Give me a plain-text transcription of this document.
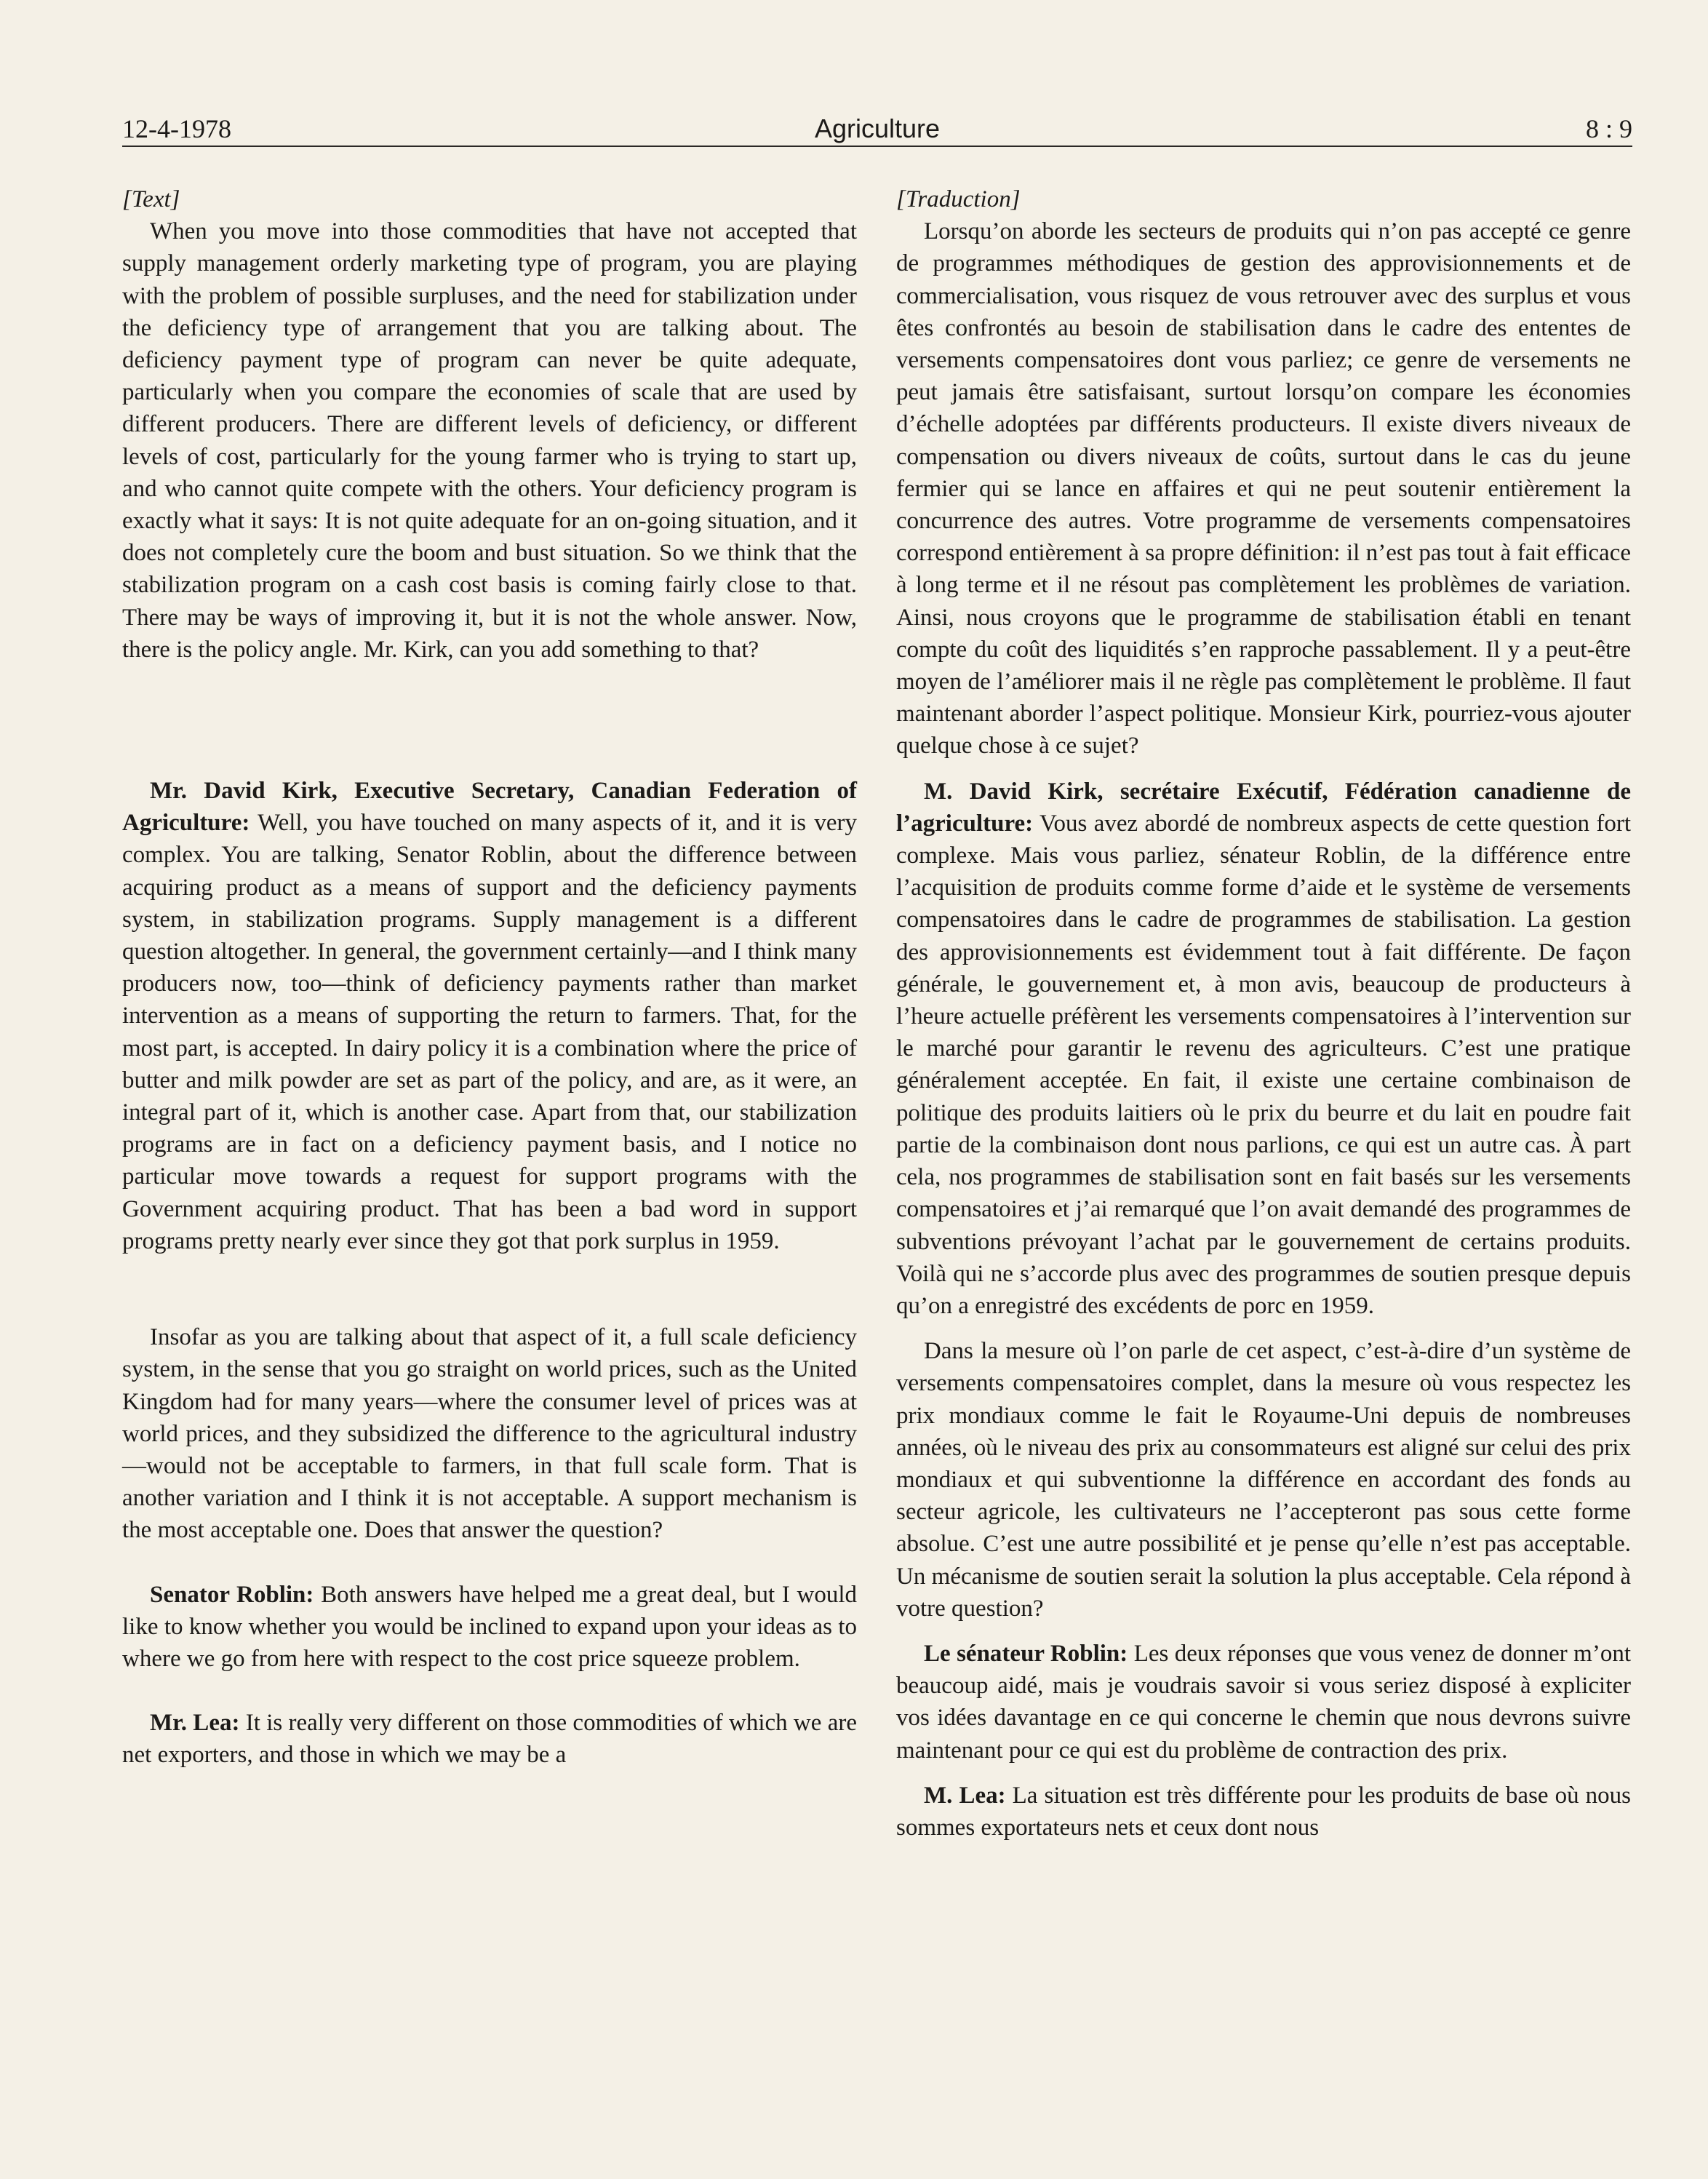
12-4-1978	Agriculture	8 : 9

[Text]

When you move into those commodities that have not accepted that supply management orderly marketing type of program, you are playing with the problem of possible surpluses, and the need for stabilization under the deficiency type of arrangement that you are talking about. The deficiency payment type of program can never be quite adequate, particularly when you compare the economies of scale that are used by different producers. There are different levels of deficiency, or different levels of cost, particularly for the young farmer who is trying to start up, and who cannot quite compete with the others. Your deficiency program is exactly what it says: It is not quite adequate for an on-going situation, and it does not completely cure the boom and bust situation. So we think that the stabilization program on a cash cost basis is coming fairly close to that. There may be ways of improving it, but it is not the whole answer. Now, there is the policy angle. Mr. Kirk, can you add something to that?

Mr. David Kirk, Executive Secretary, Canadian Federation of Agriculture: Well, you have touched on many aspects of it, and it is very complex. You are talking, Senator Roblin, about the difference between acquiring product as a means of support and the deficiency payments system, in stabilization programs. Supply management is a different question altogether. In general, the government certainly—and I think many producers now, too—think of deficiency payments rather than market intervention as a means of supporting the return to farmers. That, for the most part, is accepted. In dairy policy it is a combination where the price of butter and milk powder are set as part of the policy, and are, as it were, an integral part of it, which is another case. Apart from that, our stabilization programs are in fact on a deficiency payment basis, and I notice no particular move towards a request for support programs with the Government acquiring product. That has been a bad word in support programs pretty nearly ever since they got that pork surplus in 1959.

Insofar as you are talking about that aspect of it, a full scale deficiency system, in the sense that you go straight on world prices, such as the United Kingdom had for many years—where the consumer level of prices was at world prices, and they subsidized the difference to the agricultural industry—would not be acceptable to farmers, in that full scale form. That is another variation and I think it is not acceptable. A support mechanism is the most acceptable one. Does that answer the question?

Senator Roblin: Both answers have helped me a great deal, but I would like to know whether you would be inclined to expand upon your ideas as to where we go from here with respect to the cost price squeeze problem.

Mr. Lea: It is really very different on those commodities of which we are net exporters, and those in which we may be a

[Traduction]

Lorsqu’on aborde les secteurs de produits qui n’on pas accepté ce genre de programmes méthodiques de gestion des approvisionnements et de commercialisation, vous risquez de vous retrouver avec des surplus et vous êtes confrontés au besoin de stabilisation dans le cadre des ententes de versements compensatoires dont vous parliez; ce genre de versements ne peut jamais être satisfaisant, surtout lorsqu’on compare les économies d’échelle adoptées par différents producteurs. Il existe divers niveaux de compensation ou divers niveaux de coûts, surtout dans le cas du jeune fermier qui se lance en affaires et qui ne peut soutenir entièrement la concurrence des autres. Votre programme de versements compensatoires correspond entièrement à sa propre définition: il n’est pas tout à fait efficace à long terme et il ne résout pas complètement les problèmes de variation. Ainsi, nous croyons que le programme de stabilisation établi en tenant compte du coût des liquidités s’en rapproche passablement. Il y a peut-être moyen de l’améliorer mais il ne règle pas complètement le problème. Il faut maintenant aborder l’aspect politique. Monsieur Kirk, pourriez-vous ajouter quelque chose à ce sujet?

M. David Kirk, secrétaire Exécutif, Fédération canadienne de l’agriculture: Vous avez abordé de nombreux aspects de cette question fort complexe. Mais vous parliez, sénateur Roblin, de la différence entre l’acquisition de produits comme forme d’aide et le système de versements compensatoires dans le cadre de programmes de stabilisation. La gestion des approvisionnements est évidemment tout à fait différente. De façon générale, le gouvernement et, à mon avis, beaucoup de producteurs à l’heure actuelle préfèrent les versements compensatoires à l’intervention sur le marché pour garantir le revenu des agriculteurs. C’est une pratique généralement acceptée. En fait, il existe une certaine combinaison de politique des produits laitiers où le prix du beurre et du lait en poudre fait partie de la combinaison dont nous parlions, ce qui est un autre cas. À part cela, nos programmes de stabilisation sont en fait basés sur les versements compensatoires et j’ai remarqué que l’on avait demandé des programmes de subventions prévoyant l’achat par le gouvernement de certains produits. Voilà qui ne s’accorde plus avec des programmes de soutien presque depuis qu’on a enregistré des excédents de porc en 1959.

Dans la mesure où l’on parle de cet aspect, c’est-à-dire d’un système de versements compensatoires complet, dans la mesure où vous respectez les prix mondiaux comme le fait le Royaume-Uni depuis de nombreuses années, où le niveau des prix au consommateurs est aligné sur celui des prix mondiaux et qui subventionne la différence en accordant des fonds au secteur agricole, les cultivateurs ne l’accepteront pas sous cette forme absolue. C’est une autre possibilité et je pense qu’elle n’est pas acceptable. Un mécanisme de soutien serait la solution la plus acceptable. Cela répond à votre question?

Le sénateur Roblin: Les deux réponses que vous venez de donner m’ont beaucoup aidé, mais je voudrais savoir si vous seriez disposé à expliciter vos idées davantage en ce qui concerne le chemin que nous devrons suivre maintenant pour ce qui est du problème de contraction des prix.

M. Lea: La situation est très différente pour les produits de base où nous sommes exportateurs nets et ceux dont nous
